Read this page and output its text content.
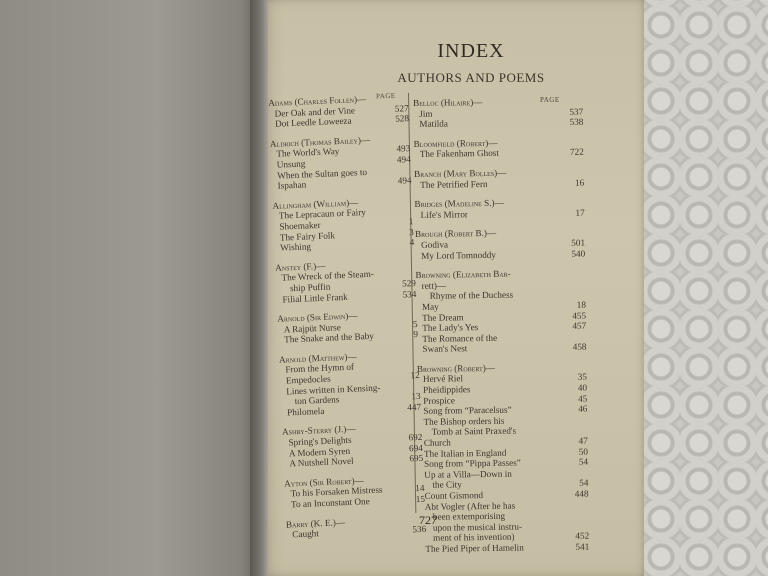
INDEX
AUTHORS AND POEMS
PAGE	PAGE
Adams (Charles Follen)—
Der Oak and der Vine	527
Dot Leedle Loweeza	528
Aldrich (Thomas Bailey)—
The World's Way	493
Unsung	494
When the Sultan goes to
Ispahan	494
Allingham (William)—
The Lepracaun or Fairy
Shoemaker	1
The Fairy Folk	3
Wishing	4
Anstey (F.)—
The Wreck of the Steam-
ship Puffin	529
Filial Little Frank	534
Arnold (Sir Edwin)—
A Rajpüt Nurse	5
The Snake and the Baby	9
Arnold (Matthew)—
From the Hymn of
Empedocles	12
Lines written in Kensing-
ton Gardens	13
Philomela	447
Ashby-Sterry (J.)—
Spring's Delights	692
A Modern Syren	694
A Nutshell Novel	695
Ayton (Sir Robert)—
To his Forsaken Mistress	14
To an Inconstant One	15
Barry (K. E.)—
Caught	536
Belloc (Hilaire)—
Jim	537
Matilda	538
Bloomfield (Robert)—
The Fakenham Ghost	722
Branch (Mary Bolles)—
The Petrified Fern	16
Bridges (Madeline S.)—
Life's Mirror	17
Brough (Robert B.)—
Godiva	501
My Lord Tomnoddy	540
Browning (Elizabeth Bar-
rett)—
Rhyme of the Duchess
May	18
The Dream	455
The Lady's Yes	457
The Romance of the
Swan's Nest	458
Browning (Robert)—
Hervé Riel	35
Pheidippides	40
Prospice	45
Song from “Paracelsus”	46
The Bishop orders his
Tomb at Saint Praxed's
Church	47
The Italian in England	50
Song from “Pippa Passes”	54
Up at a Villa—Down in
the City	54
Count Gismond	448
Abt Vogler (After he has
been extemporising
upon the musical instru-
ment of his invention)	452
The Pied Piper of Hamelin	541
727
